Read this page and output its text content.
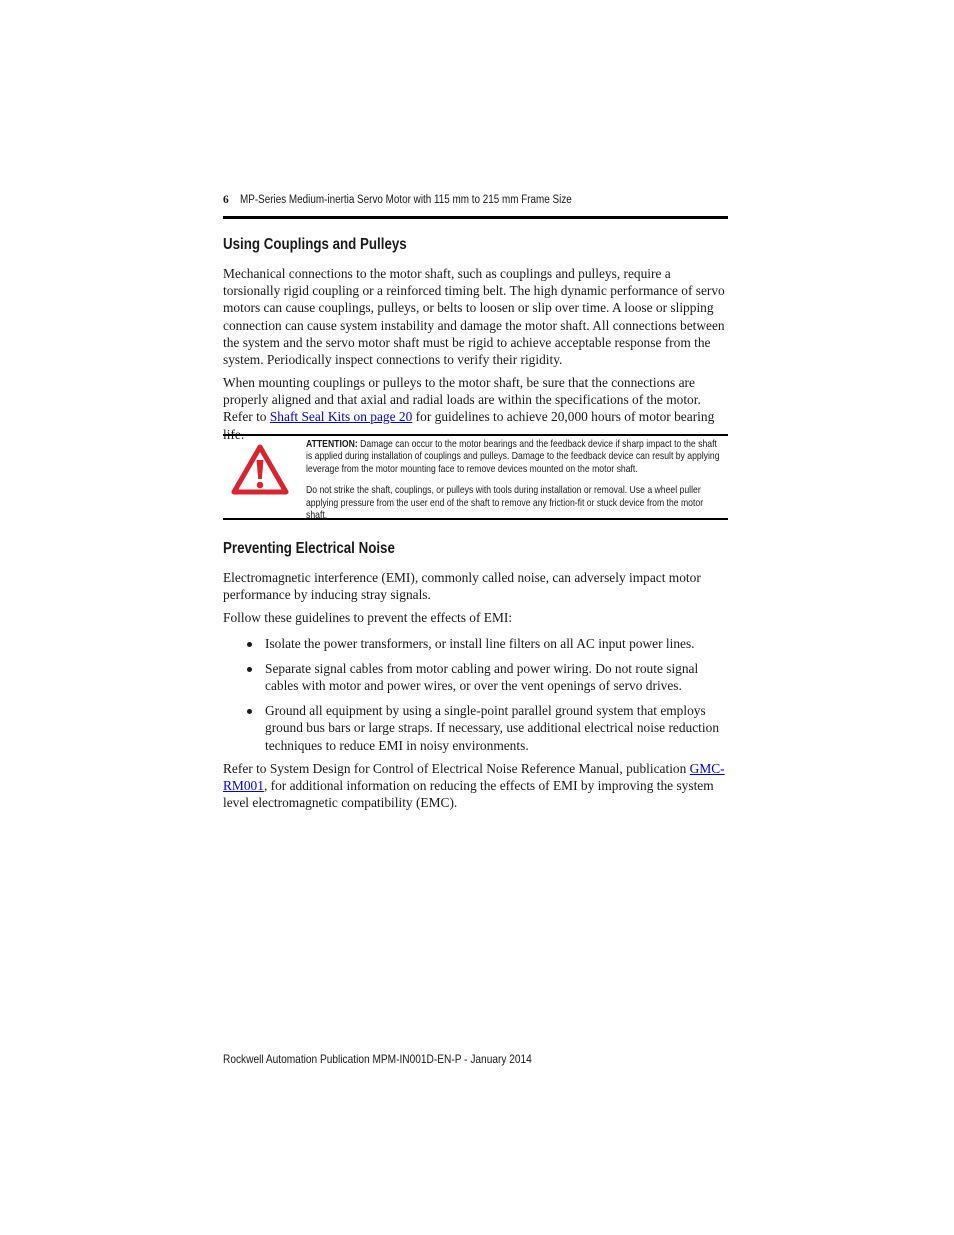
6 MP-Series Medium-inertia Servo Motor with 115 mm to 215 mm Frame Size
Using Couplings and Pulleys

Mechanical connections to the motor shaft, such as couplings and pulleys, require a torsionally rigid coupling or a reinforced timing belt. The high dynamic performance of servo motors can cause couplings, pulleys, or belts to loosen or slip over time. A loose or slipping connection can cause system instability and damage the motor shaft. All connections between the system and the servo motor shaft must be rigid to achieve acceptable response from the system. Periodically inspect connections to verify their rigidity.

When mounting couplings or pulleys to the motor shaft, be sure that the connections are properly aligned and that axial and radial loads are within the specifications of the motor. Refer to Shaft Seal Kits on page 20 for guidelines to achieve 20,000 hours of motor bearing life.

ATTENTION: Damage can occur to the motor bearings and the feedback device if sharp impact to the shaft is applied during installation of couplings and pulleys. Damage to the feedback device can result by applying leverage from the motor mounting face to remove devices mounted on the motor shaft.

Do not strike the shaft, couplings, or pulleys with tools during installation or removal. Use a wheel puller applying pressure from the user end of the shaft to remove any friction-fit or stuck device from the motor shaft.

Preventing Electrical Noise

Electromagnetic interference (EMI), commonly called noise, can adversely impact motor performance by inducing stray signals.

Follow these guidelines to prevent the effects of EMI:

Isolate the power transformers, or install line filters on all AC input power lines.
Separate signal cables from motor cabling and power wiring. Do not route signal cables with motor and power wires, or over the vent openings of servo drives.
Ground all equipment by using a single-point parallel ground system that employs ground bus bars or large straps. If necessary, use additional electrical noise reduction techniques to reduce EMI in noisy environments.

Refer to System Design for Control of Electrical Noise Reference Manual, publication GMC-RM001, for additional information on reducing the effects of EMI by improving the system level electromagnetic compatibility (EMC).

Rockwell Automation Publication MPM-IN001D-EN-P - January 2014
